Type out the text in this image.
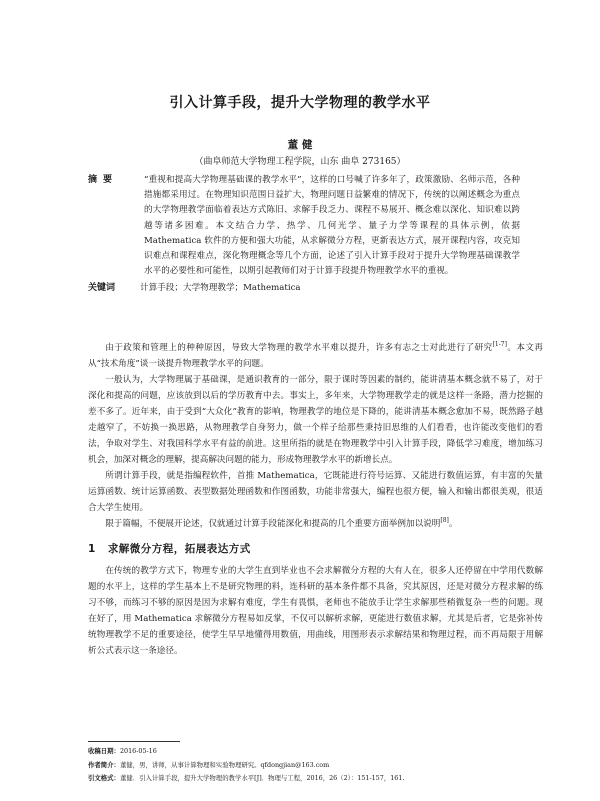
引入计算手段，提升大学物理的教学水平
董 健
（曲阜师范大学物理工程学院，山东 曲阜 273165）
摘要	“重视和提高大学物理基础课的教学水平”，这样的口号喊了许多年了，政策激励、名师示范，各种措施都采用过。在物理知识范围日益扩大，物理问题日益繁难的情况下，传统的以阐述概念为重点的大学物理教学面临着表达方式陈旧、求解手段乏力、课程不易展开、概念难以深化、知识难以跨越等诸多困难。本文结合力学、热学、几何光学、量子力学等课程的具体示例，依据 Mathematica 软件的方便和强大功能，从求解微分方程，更新表达方式，展开课程内容，攻克知识难点和课程难点，深化物理概念等几个方面，论述了引入计算手段对于提升大学物理基础课教学水平的必要性和可能性，以期引起教师们对于计算手段提升物理教学水平的重视。
关键词	计算手段；大学物理教学；Mathematica

由于政策和管理上的种种原因，导致大学物理的教学水平难以提升，许多有志之士对此进行了研究[1-7]。本文再从“技术角度”谈一谈提升物理教学水平的问题。

一般认为，大学物理属于基础课，是通识教育的一部分，限于课时等因素的制约，能讲清基本概念就不易了，对于深化和提高的问题，应该放到以后的学历教育中去。事实上，多年来，大学物理教学走的就是这样一条路，潜力挖掘的差不多了。近年来，由于受到“大众化”教育的影响，物理教学的地位是下降的，能讲清基本概念愈加不易，既然路子越走越窄了，不妨换一换思路，从物理教学自身努力，做一个样子给那些秉持旧思维的人们看看，也许能改变他们的看法，争取对学生、对我国科学水平有益的前进。这里所指的就是在物理教学中引入计算手段，降低学习难度，增加练习机会，加深对概念的理解，提高解决问题的能力，形成物理教学水平的新增长点。

所谓计算手段，就是指编程软件，首推 Mathematica，它既能进行符号运算、又能进行数值运算，有丰富的矢量运算函数、统计运算函数、表型数据处理函数和作图函数，功能非常强大，编程也很方便，输入和输出都很美观，很适合大学生使用。

限于篇幅，不便展开论述，仅就通过计算手段能深化和提高的几个重要方面举例加以说明[8]。

1 求解微分方程，拓展表达方式

在传统的教学方式下，物理专业的大学生直到毕业也不会求解微分方程的大有人在，很多人还停留在中学用代数解题的水平上，这样的学生基本上不是研究物理的料，连科研的基本条件都不具备，究其原因，还是对微分方程求解的练习不够，而练习不够的原因是因为求解有难度，学生有畏惧，老师也不能放手让学生求解那些稍微复杂一些的问题。现在好了，用 Mathematica 求解微分方程易如反掌，不仅可以解析求解，更能进行数值求解，尤其是后者，它是弥补传统物理教学不足的重要途径，使学生早早地懂得用数值，用曲线，用图形表示求解结果和物理过程，而不再局限于用解析公式表示这一条途径。

收稿日期：2016-05-16
作者简介：董健，男，讲师，从事计算物理和实验物理研究。qfdongjian@163.com
引文格式：董健．引入计算手段，提升大学物理的教学水平[J]．物理与工程，2016，26（2）：151-157，161.
